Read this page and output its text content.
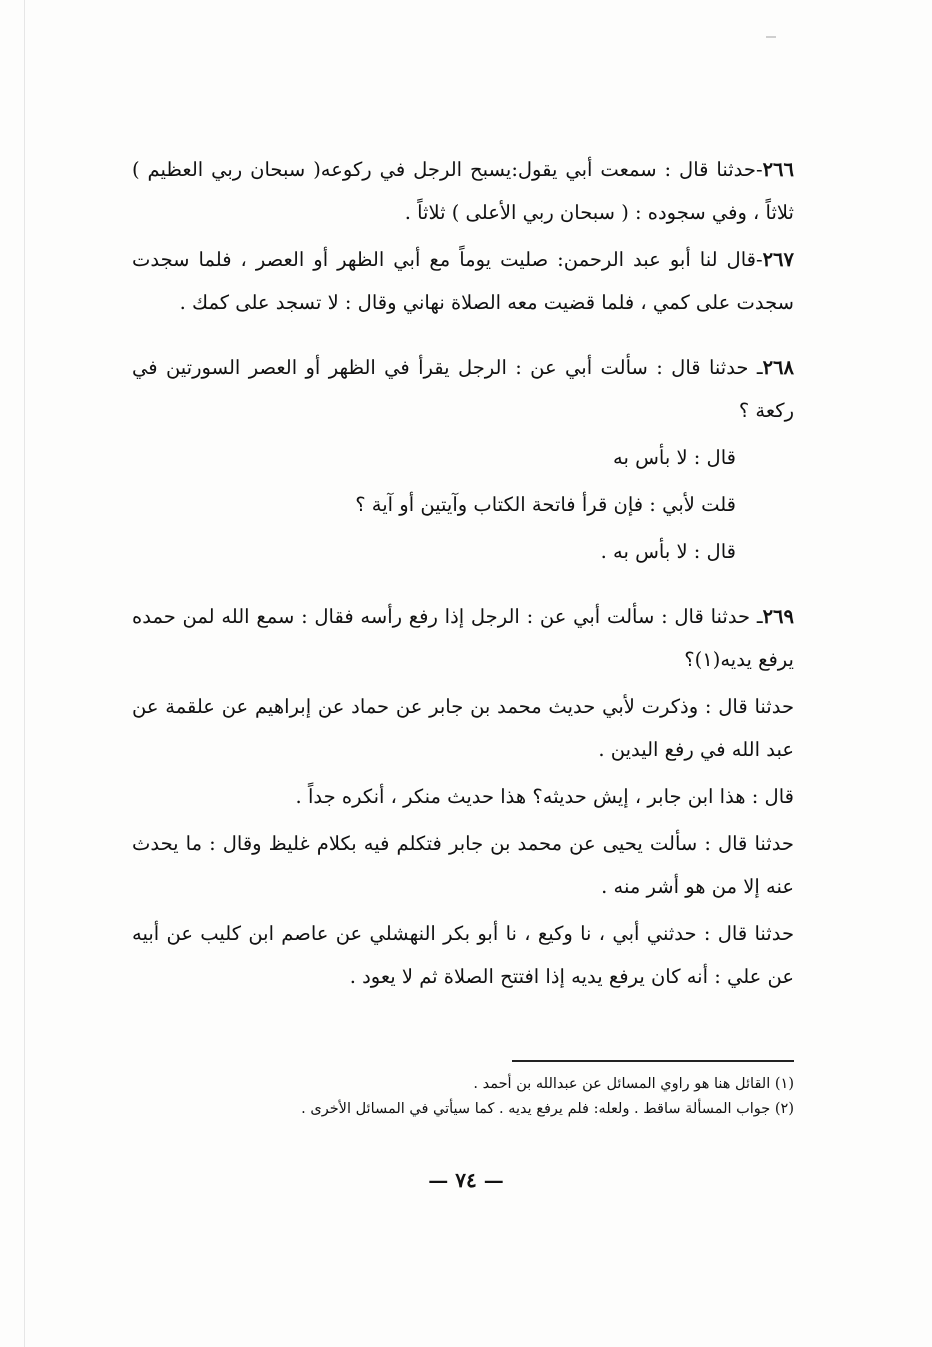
٢٦٦-حدثنا قال : سمعت أبي يقول:يسبح الرجل في ركوعه( سبحان ربي العظيم ) ثلاثاً ، وفي سجوده : ( سبحان ربي الأعلى ) ثلاثاً .

٢٦٧-قال لنا أبو عبد الرحمن: صليت يوماً مع أبي الظهر أو العصر ، فلما سجدت سجدت على كمي ، فلما قضيت معه الصلاة نهاني وقال : لا تسجد على كمك .

٢٦٨ـ حدثنا قال : سألت أبي عن : الرجل يقرأ في الظهر أو العصر السورتين في ركعة ؟

قال : لا بأس به

قلت لأبي : فإن قرأ فاتحة الكتاب وآيتين أو آية ؟

قال : لا بأس به .

٢٦٩ـ حدثنا قال : سألت أبي عن : الرجل إذا رفع رأسه فقال : سمع الله لمن حمده يرفع يديه(١)؟

حدثنا قال : وذكرت لأبي حديث محمد بن جابر عن حماد عن إبراهيم عن علقمة عن عبد الله في رفع اليدين .

قال : هذا ابن جابر ، إيش حديثه؟ هذا حديث منكر ، أنكره جداً .

حدثنا قال : سألت يحيى عن محمد بن جابر فتكلم فيه بكلام غليظ وقال : ما يحدث عنه إلا من هو أشر منه .

حدثنا قال : حدثني أبي ، نا وكيع ، نا أبو بكر النهشلي عن عاصم ابن كليب عن أبيه عن علي : أنه كان يرفع يديه إذا افتتح الصلاة ثم لا يعود .

(١) القائل هنا هو راوي المسائل عن عبدالله بن أحمد .

(٢) جواب المسألة ساقط . ولعله: فلم يرفع يديه . كما سيأتي في المسائل الأخرى .

— ٧٤ —
